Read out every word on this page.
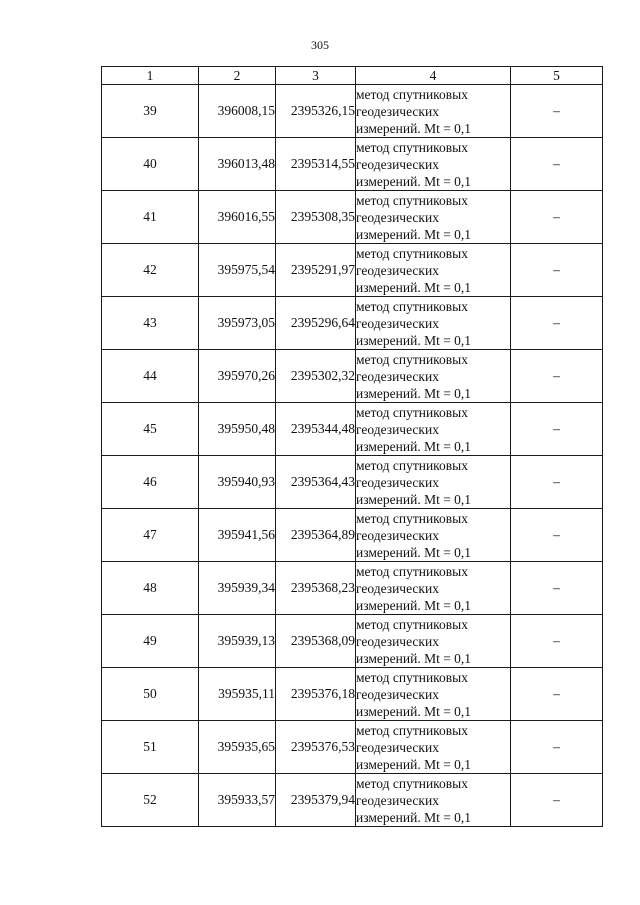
305
1	2	3	4	5
39	396008,15	2395326,15	метод спутниковых
геодезических
измерений. Mt = 0,1	–
40	396013,48	2395314,55	метод спутниковых
геодезических
измерений. Mt = 0,1	–
41	396016,55	2395308,35	метод спутниковых
геодезических
измерений. Mt = 0,1	–
42	395975,54	2395291,97	метод спутниковых
геодезических
измерений. Mt = 0,1	–
43	395973,05	2395296,64	метод спутниковых
геодезических
измерений. Mt = 0,1	–
44	395970,26	2395302,32	метод спутниковых
геодезических
измерений. Mt = 0,1	–
45	395950,48	2395344,48	метод спутниковых
геодезических
измерений. Mt = 0,1	–
46	395940,93	2395364,43	метод спутниковых
геодезических
измерений. Mt = 0,1	–
47	395941,56	2395364,89	метод спутниковых
геодезических
измерений. Mt = 0,1	–
48	395939,34	2395368,23	метод спутниковых
геодезических
измерений. Mt = 0,1	–
49	395939,13	2395368,09	метод спутниковых
геодезических
измерений. Mt = 0,1	–
50	395935,11	2395376,18	метод спутниковых
геодезических
измерений. Mt = 0,1	–
51	395935,65	2395376,53	метод спутниковых
геодезических
измерений. Mt = 0,1	–
52	395933,57	2395379,94	метод спутниковых
геодезических
измерений. Mt = 0,1	–
